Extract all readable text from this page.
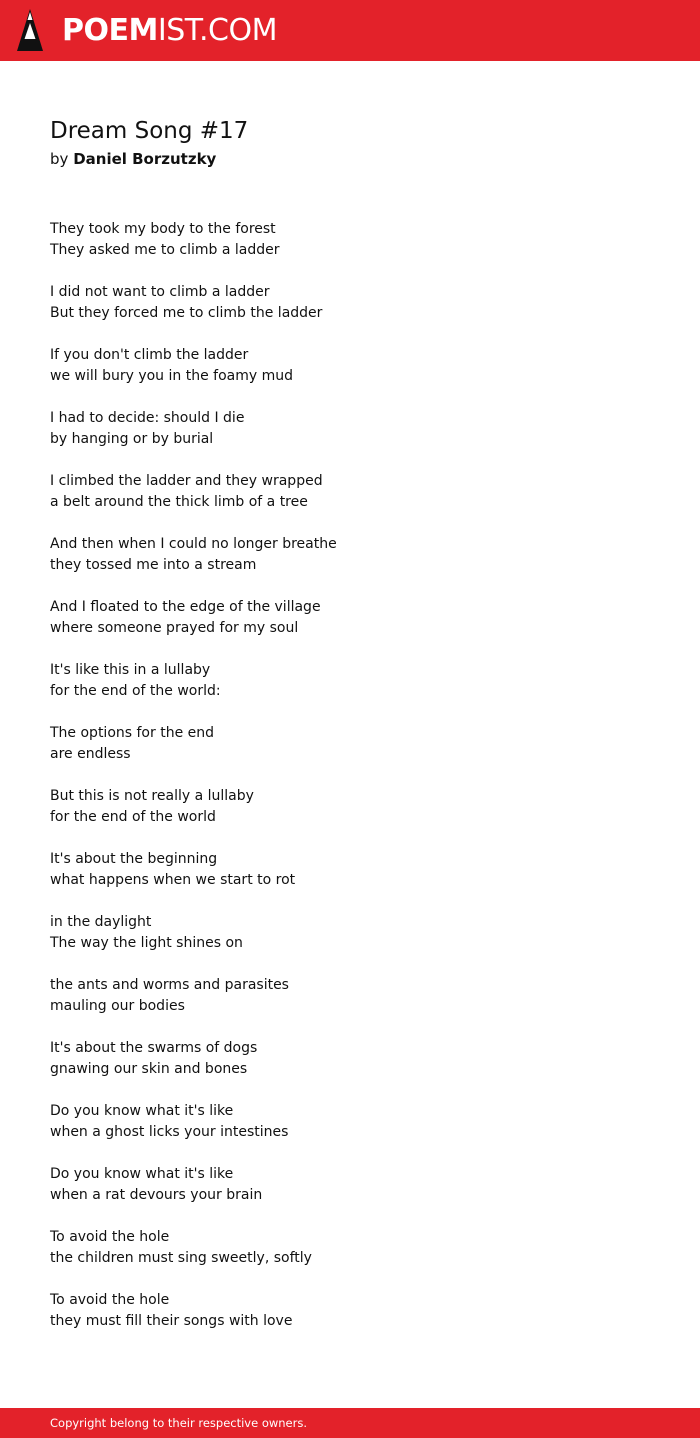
POEMIST.COM
Dream Song #17
by Daniel Borzutzky
They took my body to the forest
They asked me to climb a ladder
I did not want to climb a ladder
But they forced me to climb the ladder
If you don't climb the ladder
we will bury you in the foamy mud
I had to decide: should I die
by hanging or by burial
I climbed the ladder and they wrapped
a belt around the thick limb of a tree
And then when I could no longer breathe
they tossed me into a stream
And I floated to the edge of the village
where someone prayed for my soul
It's like this in a lullaby
for the end of the world:
The options for the end
are endless
But this is not really a lullaby
for the end of the world
It's about the beginning
what happens when we start to rot
in the daylight
The way the light shines on
the ants and worms and parasites
mauling our bodies
It's about the swarms of dogs
gnawing our skin and bones
Do you know what it's like
when a ghost licks your intestines
Do you know what it's like
when a rat devours your brain
To avoid the hole
the children must sing sweetly, softly
To avoid the hole
they must fill their songs with love
Copyright belong to their respective owners.
